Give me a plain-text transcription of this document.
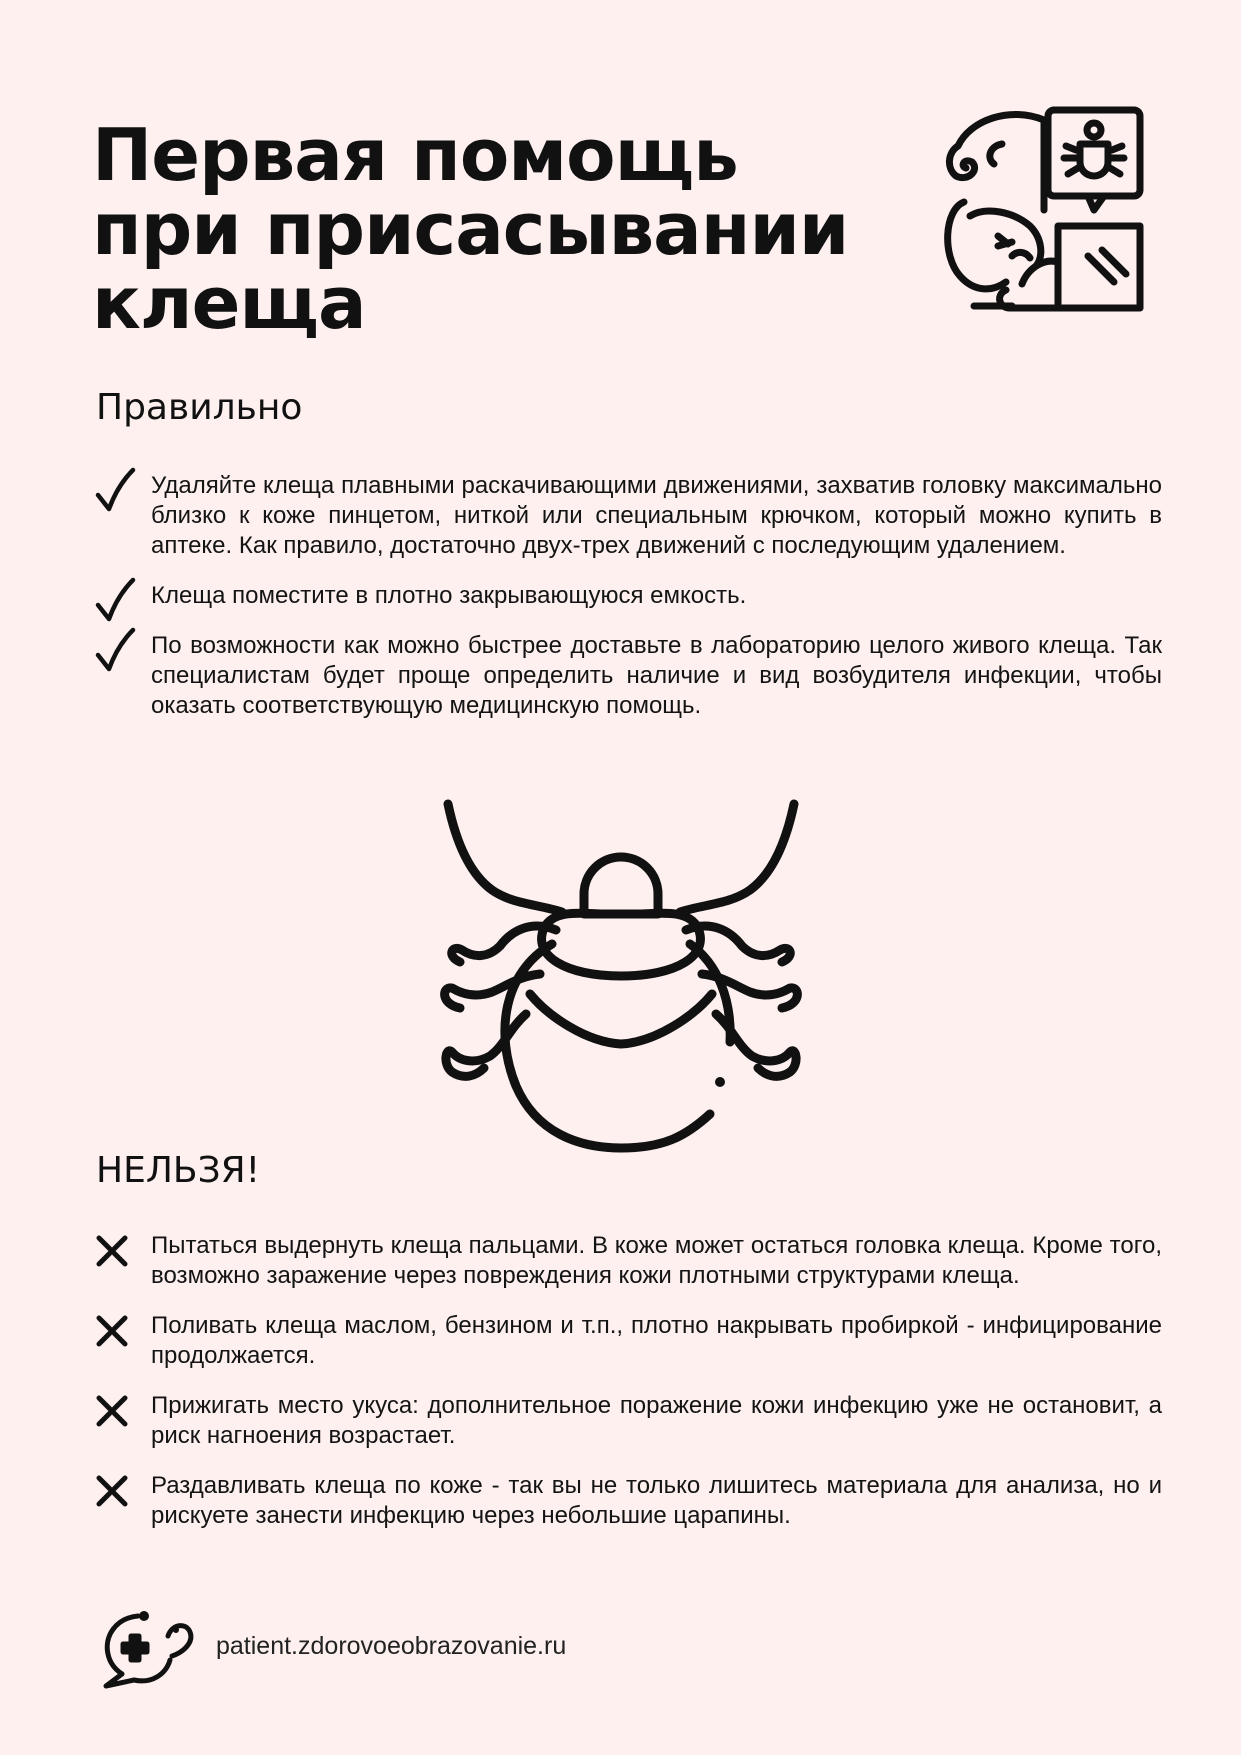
Первая помощь
при присасывании
клеща
Правильно
Удаляйте клеща плавными раскачивающими движениями, захватив головку максимально близко к коже пинцетом, ниткой или специальным крючком, который можно купить в аптеке. Как правило, достаточно двух-трех движений с последующим удалением.
Клеща поместите в плотно закрывающуюся емкость.
По возможности как можно быстрее доставьте в лабораторию целого живого клеща. Так специалистам будет проще определить наличие и вид возбудителя инфекции, чтобы оказать соответствующую медицинскую помощь.
НЕЛЬЗЯ!
Пытаться выдернуть клеща пальцами. В коже может остаться головка клеща. Кроме того, возможно заражение через повреждения кожи плотными структурами клеща.
Поливать клеща маслом, бензином и т.п., плотно накрывать пробиркой - инфицирование продолжается.
Прижигать место укуса: дополнительное поражение кожи инфекцию уже не остановит, а риск нагноения возрастает.
Раздавливать клеща по коже - так вы не только лишитесь материала для анализа, но и рискуете занести инфекцию через небольшие царапины.
patient.zdorovoeobrazovanie.ru
